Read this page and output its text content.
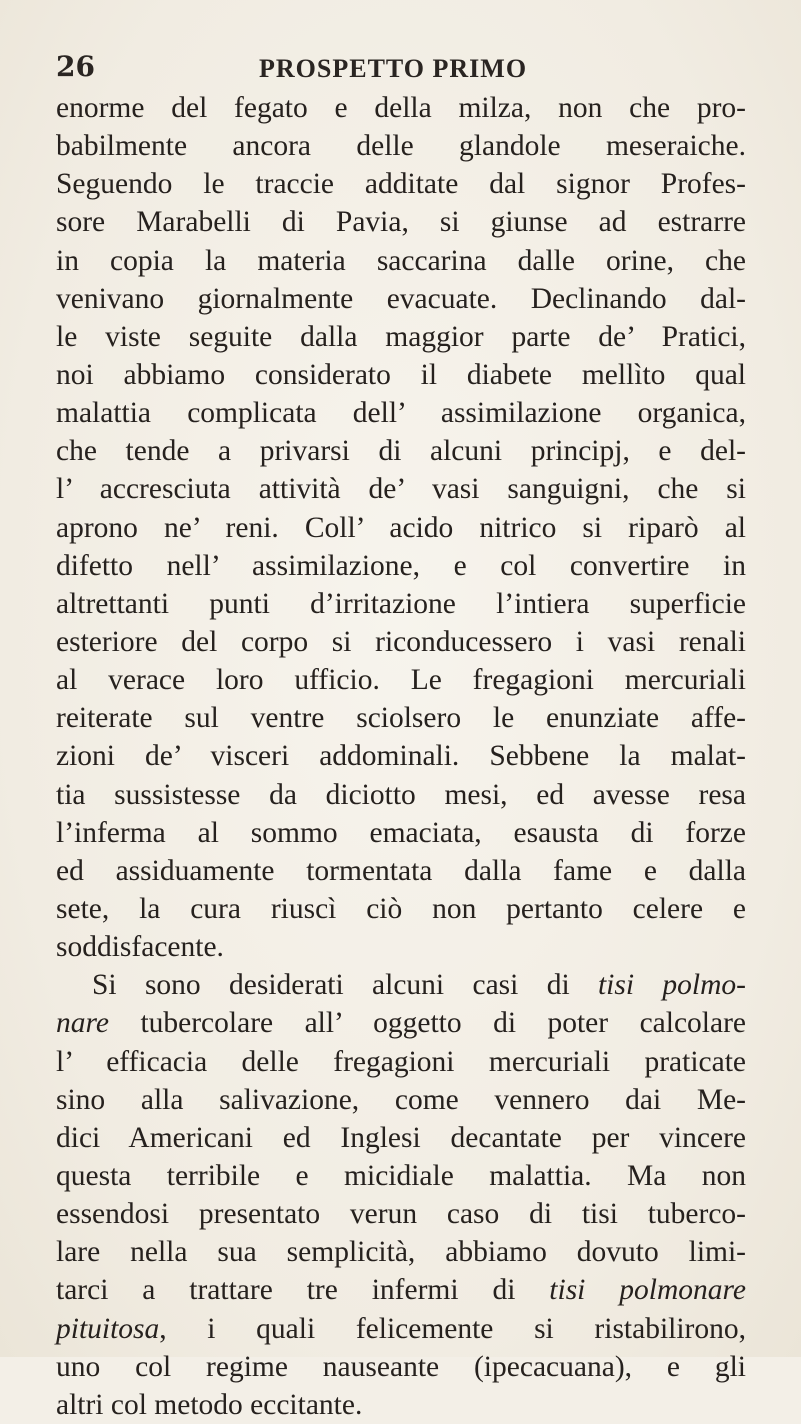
26	PROSPETTO PRIMO
enorme del fegato e della milza, non che pro-
babilmente ancora delle glandole meseraiche.
Seguendo le traccie additate dal signor Profes-
sore Marabelli di Pavia, si giunse ad estrarre
in copia la materia saccarina dalle orine, che
venivano giornalmente evacuate. Declinando dal-
le viste seguite dalla maggior parte de’ Pratici,
noi abbiamo considerato il diabete mellìto qual
malattia complicata dell’ assimilazione organica,
che tende a privarsi di alcuni principj, e del-
l’ accresciuta attività de’ vasi sanguigni, che si
aprono ne’ reni. Coll’ acido nitrico si riparò al
difetto nell’ assimilazione, e col convertire in
altrettanti punti d’irritazione l’intiera superficie
esteriore del corpo si riconducessero i vasi renali
al verace loro ufficio. Le fregagioni mercuriali
reiterate sul ventre sciolsero le enunziate affe-
zioni de’ visceri addominali. Sebbene la malat-
tia sussistesse da diciotto mesi, ed avesse resa
l’inferma al sommo emaciata, esausta di forze
ed assiduamente tormentata dalla fame e dalla
sete, la cura riuscì ciò non pertanto celere e
soddisfacente.
Si sono desiderati alcuni casi di tisi polmo-
nare tubercolare all’ oggetto di poter calcolare
l’ efficacia delle fregagioni mercuriali praticate
sino alla salivazione, come vennero dai Me-
dici Americani ed Inglesi decantate per vincere
questa terribile e micidiale malattia. Ma non
essendosi presentato verun caso di tisi tuberco-
lare nella sua semplicità, abbiamo dovuto limi-
tarci a trattare tre infermi di tisi polmonare
pituitosa, i quali felicemente si ristabilirono,
uno col regime nauseante (ipecacuana), e gli
altri col metodo eccitante.
